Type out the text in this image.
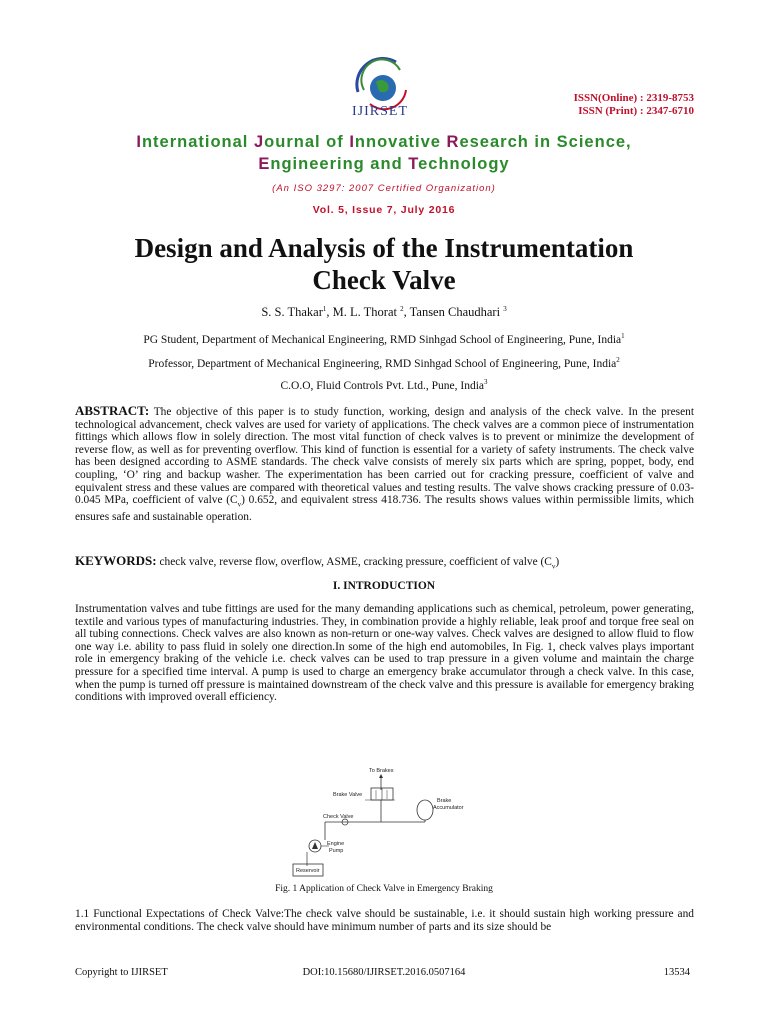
IJIRSET
ISSN(Online) : 2319-8753
ISSN (Print) : 2347-6710
International Journal of Innovative Research in Science,
Engineering and Technology
(An ISO 3297: 2007 Certified Organization)
Vol. 5, Issue 7, July 2016
Design and Analysis of the Instrumentation
Check Valve
S. S. Thakar$^1$, M. L. Thorat $^2$, Tansen Chaudhari $^3$
PG Student, Department of Mechanical Engineering, RMD Sinhgad School of Engineering, Pune, India$^1$
Professor, Department of Mechanical Engineering, RMD Sinhgad School of Engineering, Pune, India$^2$
C.O.O, Fluid Controls Pvt. Ltd., Pune, India$^3$
ABSTRACT: The objective of this paper is to study function, working, design and analysis of the check valve. In the present technological advancement, check valves are used for variety of applications. The check valves are a common piece of instrumentation fittings which allows flow in solely direction. The most vital function of check valves is to prevent or minimize the development of reverse flow, as well as for preventing overflow. This kind of function is essential for a variety of safety instruments. The check valve has been designed according to ASME standards. The check valve consists of merely six parts which are spring, poppet, body, end coupling, ‘O’ ring and backup washer. The experimentation has been carried out for cracking pressure, coefficient of valve and equivalent stress and these values are compared with theoretical values and testing results. The valve shows cracking pressure of 0.03-0.045 MPa, coefficient of valve $(C_v)$ 0.652, and equivalent stress 418.736. The results shows values within permissible limits, which ensures safe and sustainable operation.
KEYWORDS: check valve, reverse flow, overflow, ASME, cracking pressure, coefficient of valve $(C_v)$
I. INTRODUCTION
Instrumentation valves and tube fittings are used for the many demanding applications such as chemical, petroleum, power generating, textile and various types of manufacturing industries. They, in combination provide a highly reliable, leak proof and torque free seal on all tubing connections. Check valves are also known as non-return or one-way valves. Check valves are designed to allow fluid to flow one way i.e. ability to pass fluid in solely one direction.In some of the high end automobiles, In Fig. 1, check valves plays important role in emergency braking of the vehicle i.e. check valves can be used to trap pressure in a given volume and maintain the charge pressure for a specified time interval. A pump is used to charge an emergency brake accumulator through a check valve. In this case, when the pump is turned off pressure is maintained downstream of the check valve and this pressure is available for emergency braking conditions with improved overall efficiency.
To Brakes
Brake Valve
Check Valve
Brake
Accumulator
Engine
Pump
Reservoir
Fig. 1 Application of Check Valve in Emergency Braking
1.1 Functional Expectations of Check Valve:The check valve should be sustainable, i.e. it should sustain high working pressure and environmental conditions. The check valve should have minimum number of parts and its size should be
Copyright to IJIRSET	DOI:10.15680/IJIRSET.2016.0507164	13534
